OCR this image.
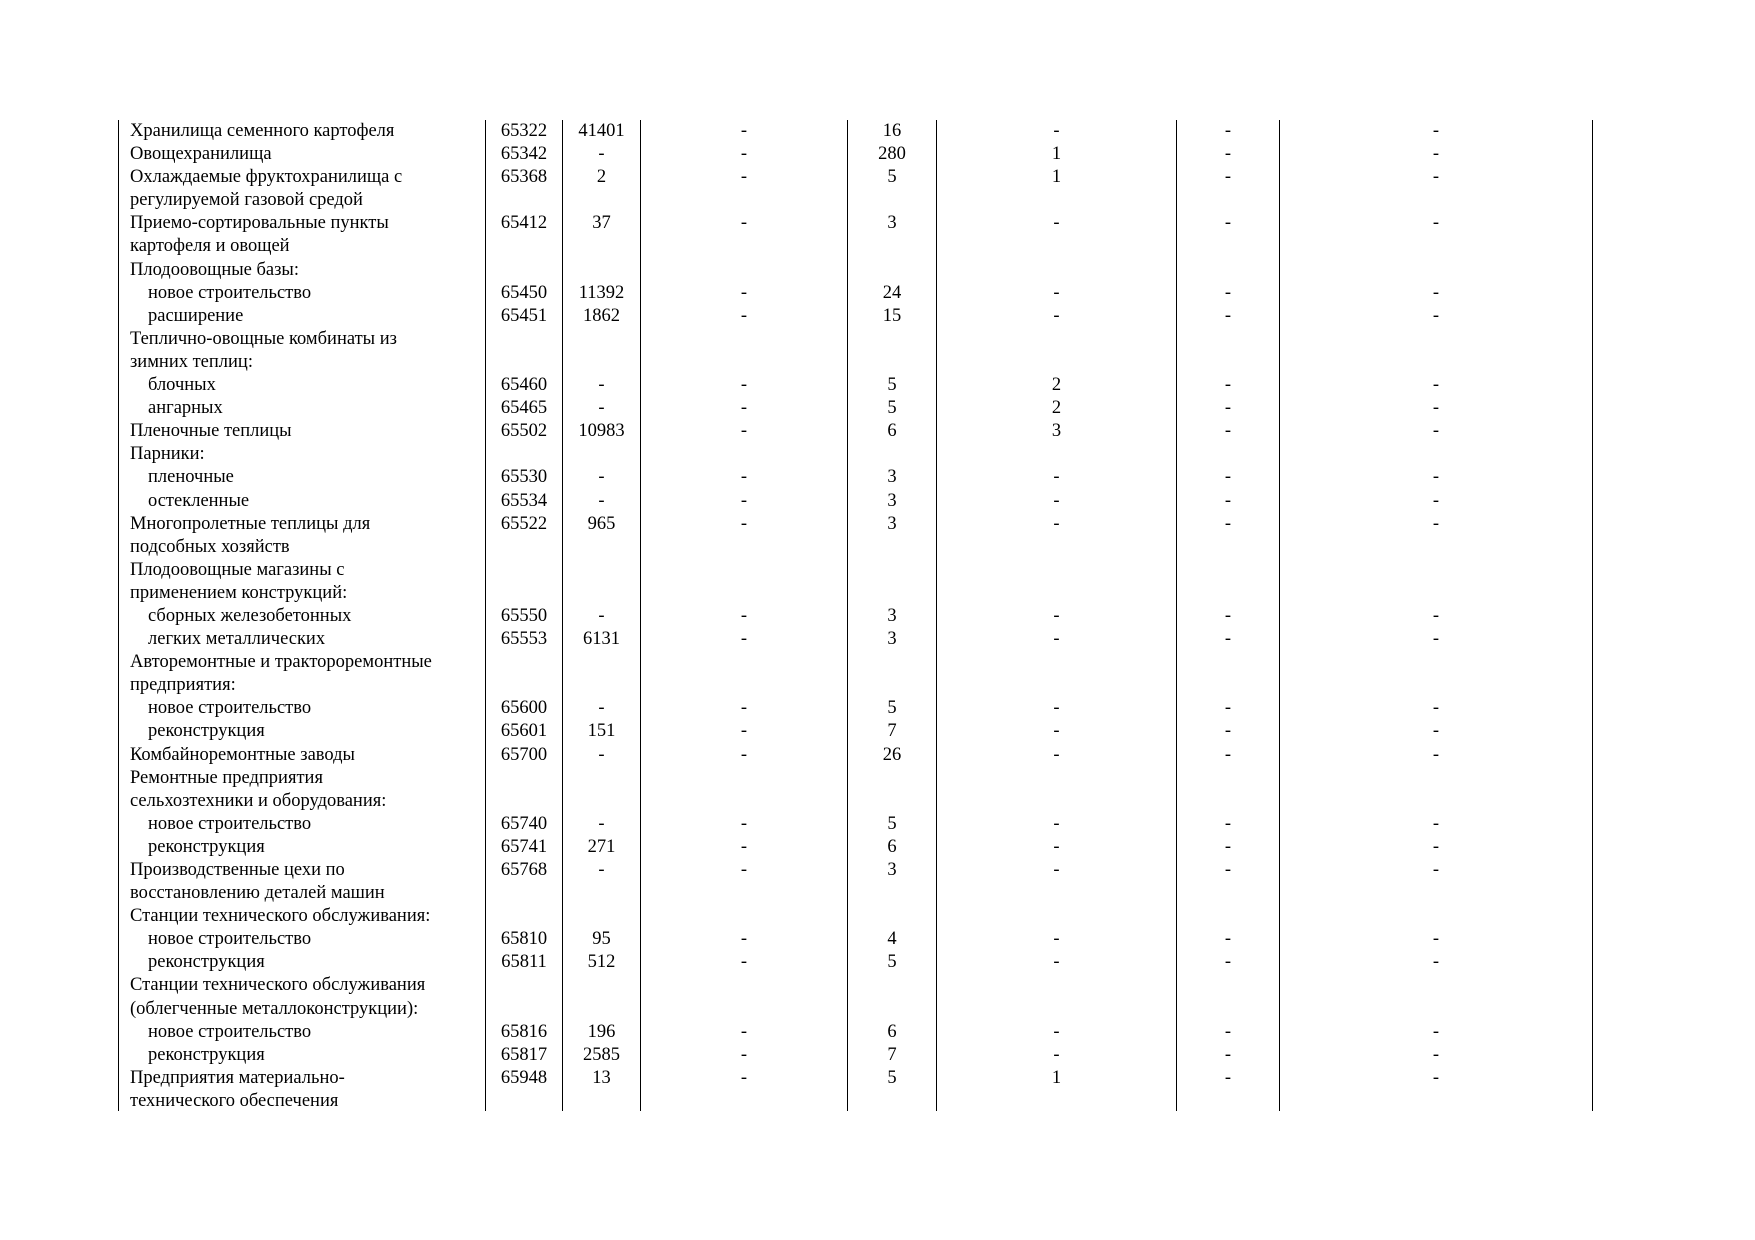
Хранилища семенного картофеля	65322	41401	-	16	-	-	-
Овощехранилища	65342	-	-	280	1	-	-
Охлаждаемые фруктохранилища с	65368	2	-	5	1	-	-
регулируемой газовой средой
Приемо-сортировальные пункты	65412	37	-	3	-	-	-
картофеля и овощей
Плодоовощные базы:
новое строительство	65450	11392	-	24	-	-	-
расширение	65451	1862	-	15	-	-	-
Теплично-овощные комбинаты из
зимних теплиц:
блочных	65460	-	-	5	2	-	-
ангарных	65465	-	-	5	2	-	-
Пленочные теплицы	65502	10983	-	6	3	-	-
Парники:
пленочные	65530	-	-	3	-	-	-
остекленные	65534	-	-	3	-	-	-
Многопролетные теплицы для	65522	965	-	3	-	-	-
подсобных хозяйств
Плодоовощные магазины с
применением конструкций:
сборных железобетонных	65550	-	-	3	-	-	-
легких металлических	65553	6131	-	3	-	-	-
Авторемонтные и тракторoремонтные
предприятия:
новое строительство	65600	-	-	5	-	-	-
реконструкция	65601	151	-	7	-	-	-
Комбайноремонтные заводы	65700	-	-	26	-	-	-
Ремонтные предприятия
сельхозтехники и оборудования:
новое строительство	65740	-	-	5	-	-	-
реконструкция	65741	271	-	6	-	-	-
Производственные цехи по	65768	-	-	3	-	-	-
восстановлению деталей машин
Станции технического обслуживания:
новое строительство	65810	95	-	4	-	-	-
реконструкция	65811	512	-	5	-	-	-
Станции технического обслуживания
(облегченные металлоконструкции):
новое строительство	65816	196	-	6	-	-	-
реконструкция	65817	2585	-	7	-	-	-
Предприятия материально-	65948	13	-	5	1	-	-
технического обеспечения
